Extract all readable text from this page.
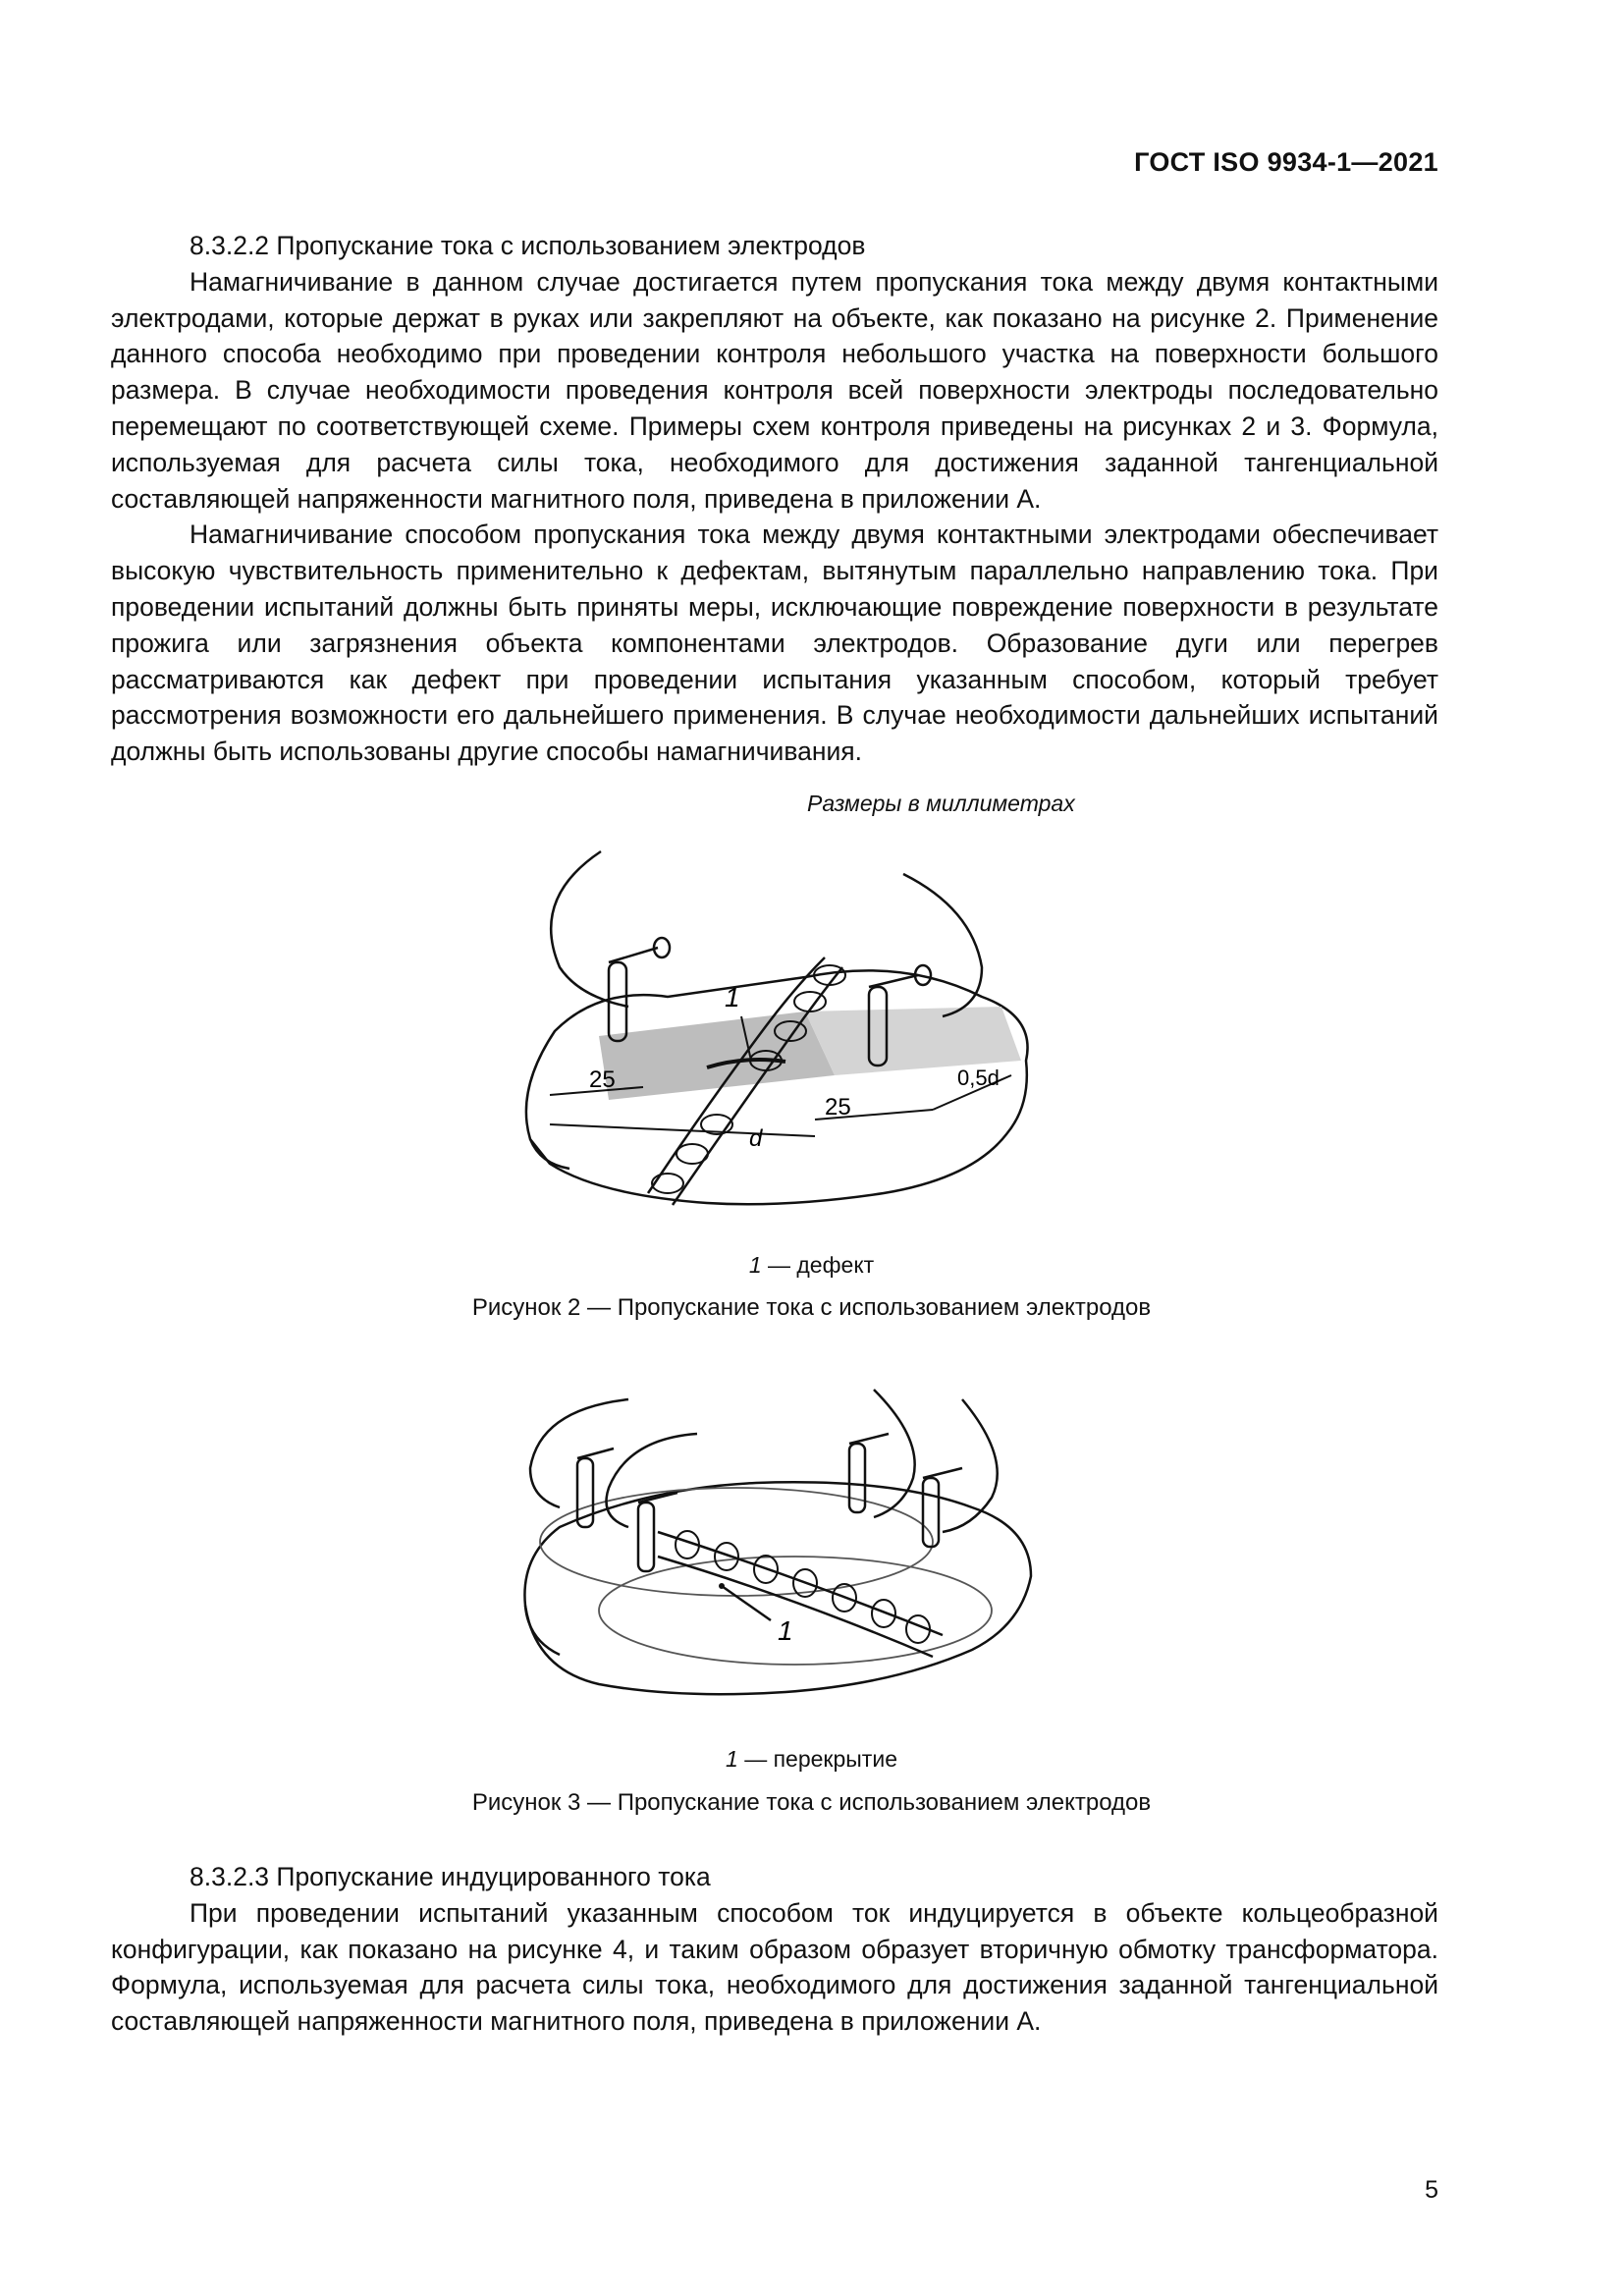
ГОСТ ISO 9934-1—2021

8.3.2.2 Пропускание тока с использованием электродов

Намагничивание в данном случае достигается путем пропускания тока между двумя контактными электродами, которые держат в руках или закрепляют на объекте, как показано на рисунке 2. Применение данного способа необходимо при проведении контроля небольшого участка на поверхности большого размера. В случае необходимости проведения контроля всей поверхности электроды последовательно перемещают по соответствующей схеме. Примеры схем контроля приведены на рисунках 2 и 3. Формула, используемая для расчета силы тока, необходимого для достижения заданной тангенциальной составляющей напряженности магнитного поля, приведена в приложении А.

Намагничивание способом пропускания тока между двумя контактными электродами обеспечивает высокую чувствительность применительно к дефектам, вытянутым параллельно направлению тока. При проведении испытаний должны быть приняты меры, исключающие повреждение поверхности в результате прожига или загрязнения объекта компонентами электродов. Образование дуги или перегрев рассматриваются как дефект при проведении испытания указанным способом, который требует рассмотрения возможности его дальнейшего применения. В случае необходимости дальнейших испытаний должны быть использованы другие способы намагничивания.

Размеры в миллиметрах
1
25
25
d
0,5d
1 — дефект
Рисунок 2 — Пропускание тока с использованием электродов
1
1 — перекрытие
Рисунок 3 — Пропускание тока с использованием электродов

8.3.2.3 Пропускание индуцированного тока

При проведении испытаний указанным способом ток индуцируется в объекте кольцеобразной конфигурации, как показано на рисунке 4, и таким образом образует вторичную обмотку трансформатора. Формула, используемая для расчета силы тока, необходимого для достижения заданной тангенциальной составляющей напряженности магнитного поля, приведена в приложении А.

5
